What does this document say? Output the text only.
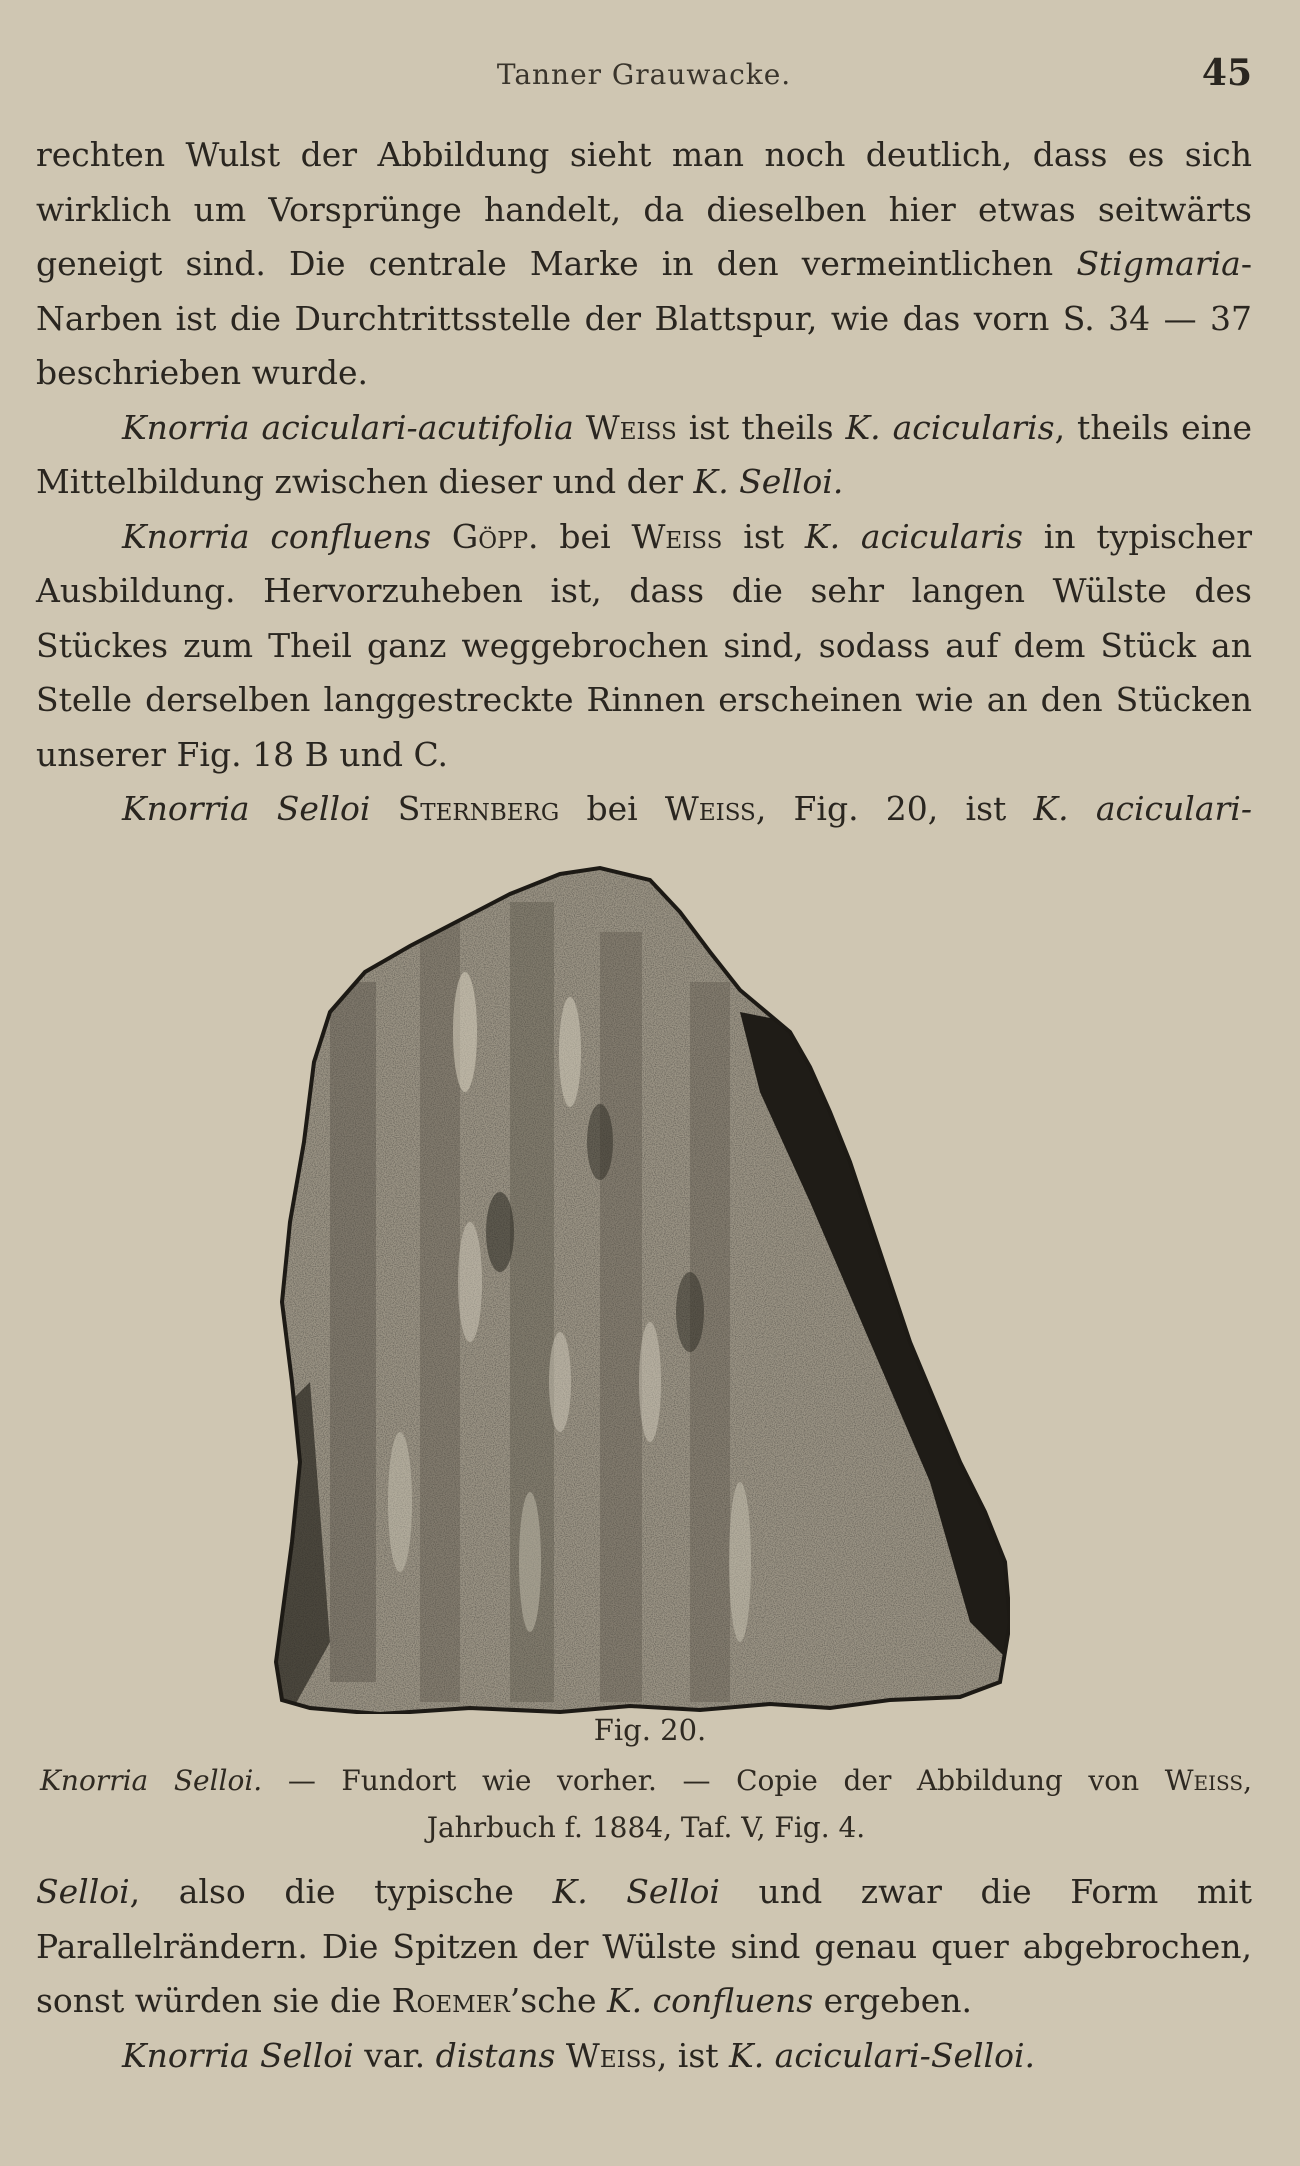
Tanner Grauwacke.	45

rechten Wulst der Abbildung sieht man noch deutlich, dass es sich wirklich um Vorsprünge handelt, da dieselben hier etwas seitwärts geneigt sind. Die centrale Marke in den vermeintlichen Stigmaria-Narben ist die Durchtrittsstelle der Blattspur, wie das vorn S. 34 — 37 beschrieben wurde.

Knorria aciculari-acutifolia Weiss ist theils K. acicularis, theils eine Mittelbildung zwischen dieser und der K. Selloi.

Knorria confluens Göpp. bei Weiss ist K. acicularis in typischer Ausbildung. Hervorzuheben ist, dass die sehr langen Wülste des Stückes zum Theil ganz weggebrochen sind, sodass auf dem Stück an Stelle derselben langgestreckte Rinnen erscheinen wie an den Stücken unserer Fig. 18 B und C.

Knorria Selloi Sternberg bei Weiss, Fig. 20, ist K. aciculari-

Fig. 20.
Knorria Selloi. — Fundort wie vorher. — Copie der Abbildung von Weiss,
Jahrbuch f. 1884, Taf. V, Fig. 4.

Selloi, also die typische K. Selloi und zwar die Form mit Parallelrändern. Die Spitzen der Wülste sind genau quer abgebrochen, sonst würden sie die Roemer’sche K. confluens ergeben.

Knorria Selloi var. distans Weiss, ist K. aciculari-Selloi.
